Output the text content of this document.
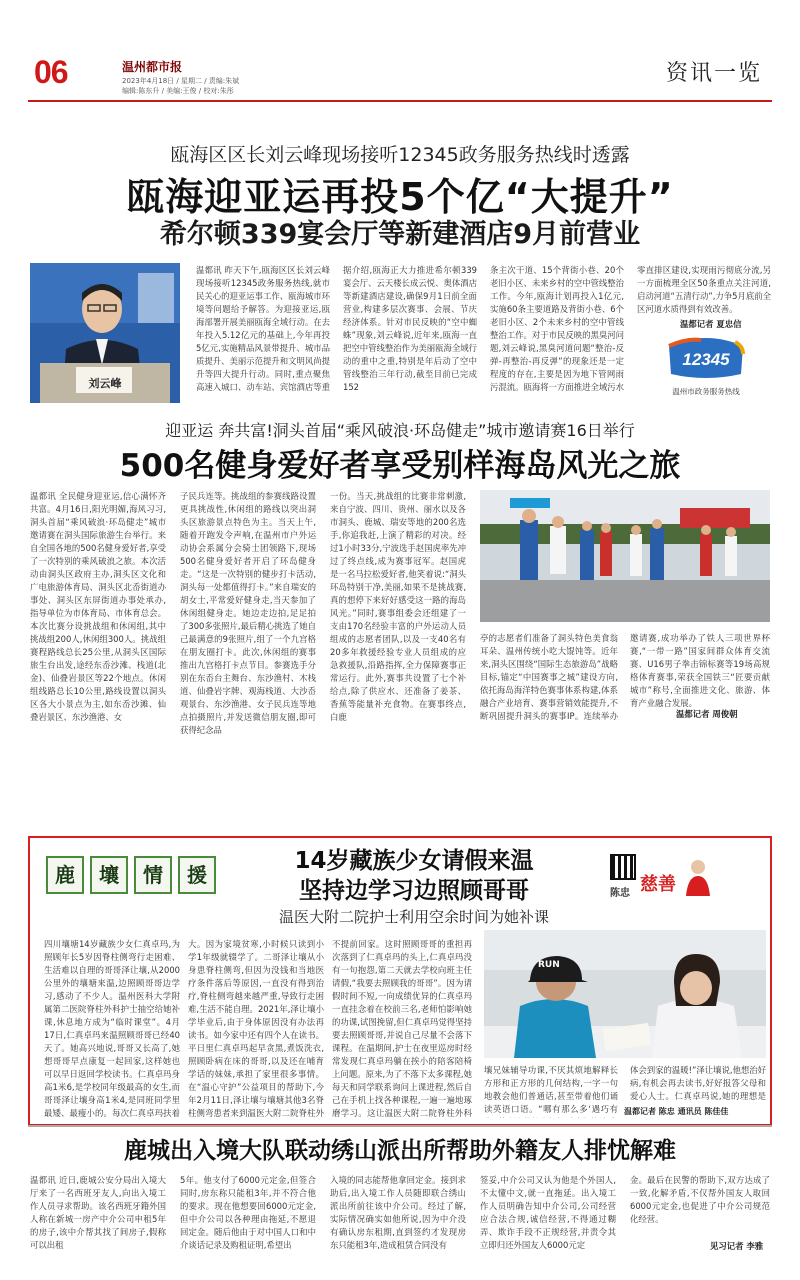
06	温州都市报
2023年4月18日 / 星期二 / 责编:朱斌
编辑:陈东升 / 美编:王俊 / 校对:朱彤
资讯一览
瓯海区区长刘云峰现场接听12345政务服务热线时透露
瓯海迎亚运再投5个亿“大提升”
希尔顿339宴会厅等新建酒店9月前营业
刘云峰
温都讯 昨天下午,瓯海区区长刘云峰现场接听12345政务服务热线,就市民关心的迎亚运事工作、瓯海城市环境等问题给予解答。为迎接亚运,瓯海部署开展美丽瓯海全域行动。在去年投入5.12亿元的基础上,今年再投5亿元,实施精品风景带提升、城市品质提升、美丽示范提升和文明风尚提升等四大提升行动。同时,重点聚焦高速入城口、动车站、宾馆酒店等重
据介绍,瓯海正大力推进希尔顿339宴会厅、云天楼长成云悦、奥体酒店等新建酒店建设,确保9月1日前全面营业,构建多层次赛事、会展、节庆经济体系。针对市民反映的“空中蜘蛛”现象,刘云峰说,近年来,瓯海一直把空中管线整治作为美丽瓯海全域行动的重中之重,特别是年后动了空中管线整治三年行动,截至目前已完成152
条主次干道、15个背街小巷、20个老旧小区、未来乡村的空中管线整治工作。今年,瓯海计划再投入1亿元,实施60条主要道路及背街小巷、6个老旧小区、2个未来乡村的空中管线整治工作。对于市民反映的黑臭河问题,刘云峰说,黑臭河道问题“整治-反弹-再整治-再反弹”的现象还是一定程度的存在,主要是因为地下管网雨污混流。瓯海将一方面推进全域污水
零直排区建设,实现雨污彻底分流,另一方面梳理全区50条重点关注河道,启动河道“五清行动”,力争5月底前全区河道水质得到有效改善。
温都记者 夏忠信
12345
温州市政务服务热线
迎亚运 奔共富!洞头首届“乘风破浪·环岛健走”城市邀请赛16日举行
500名健身爱好者享受别样海岛风光之旅
温都讯 全民健身迎亚运,信心满怀齐共富。4月16日,阳光明媚,海风习习,洞头首届“乘风破浪·环岛健走”城市邀请赛在洞头国际旅游生台举行。来自全国各地的500名健身爱好者,享受了一次特别的乘风破浪之旅。本次活动由洞头区政府主办,洞头区文化和广电旅游体育局、洞头区北岙街道办事处、洞头区东屏街道办事处承办,指导单位为市体育局、市体育总会。本次比赛分设挑战组和休闲组,其中挑战组200人,休闲组300人。挑战组赛程路线总长25公里,从洞头区国际旅生台出发,途经东岙沙滩、栈道(北金)、仙叠岩景区等22个地点。休闲组线路总长10公里,路线设置以洞头区各大小景点为主,如东岙沙滩、仙叠岩景区、东沙渔港、女
子民兵连等。挑战组的参赛线路设置更具挑战性,休闲组的路线以突出洞头区旅游景点特色为主。当天上午,随着开跑发令声响,在温州市户外运动协会系属分会骑士团领路下,现场500名健身爱好者开启了环岛健身走。“这是一次特别的健步打卡活动,洞头每一处都值得打卡。”来自瑞安的胡女士,平常爱好健身走,当天参加了休闲组健身走。她边走边拍,足足拍了300多张照片,最后精心挑选了她自己最满意的9张照片,组了一个九宫格在朋友圈打卡。此次,休闲组的赛事推出九宫格打卡点节目。参赛选手分别在东岙台主舞台、东沙渔村、木栈道、仙叠岩字牌、观海栈道、大沙岙观景台、东沙渔港、女子民兵连等地点拍摄照片,并发送微信朋友圈,即可获得纪念品
一份。当天,挑战组的比赛非常刺激,来自宁波、四川、贵州、丽水以及各市洞头、鹿城、瑞安等地的200名选手,你追我赶,上演了精彩的对决。经过1小时33分,宁波选手赵国虎率先冲过了终点线,成为赛事冠军。赵国虎是一名马拉松爱好者,他笑着说:“洞头环岛特别干净,美丽,如果不是挑战赛,真的想停下来好好感受这一路的海岛风光。”同时,赛事组委会还组建了一支由170名经验丰富的户外运动人员组成的志愿者团队,以及一支40名有20多年救援经验专业人员组成的应急救援队,沿路指挥,全力保障赛事正常运行。此外,赛事共设置了七个补给点,除了供应水、还准备了姜茶、香蕉等能量补充食物。在赛事终点,白鹿
亭的志愿者们准备了洞头特色美食翁耳朵、温州传统小吃大馄饨等。近年来,洞头区围绕“国际生态旅游岛”战略目标,锚定“中国赛事之城”建设方向,依托海岛海洋特色赛事体系构建,体系融合产业培育、赛事营销效能提升,不断巩固提升洞头的赛事IP。连续举办
邀请赛,成功举办了铁人三项世界杯赛,“一带一路”国家间群众体育交流赛、U16男子拳击锦标赛等19场高规格体育赛事,荣获全国铁三“匠要贡献城市”称号,全面推进文化、旅游、体育产业融合发展。
温都记者 周俊朝
鹿	壤	情	援
14岁藏族少女请假来温
坚持边学习边照顾哥哥
温医大附二院护士利用空余时间为她补课
陈忠 慈善
四川壤塘14岁藏族少女仁真卓玛,为照顾年长5岁因脊柱侧弯行走困难、生活难以自理的哥哥泽让壤,从2000公里外的壤塘来温,边照顾哥哥边学习,感动了不少人。温州医科大学附属第二医院脊柱外科护士抽空给她补课,休息地方成为“临时课堂”。4月17日,仁真卓玛来温照顾哥哥已经40天了。她高兴地说,哥哥又长高了,她想哥哥早点康复一起回家,这样她也可以早日返回学校读书。仁真卓玛身高1米6,是学校同年级最高的女生,而哥哥泽让壤身高1米4,是同班同学里最矮、最瘦小的。每次仁真卓玛扶着
大。因为家境贫寒,小时候只读到小学1年级就辍学了。二哥泽让壤从小身患脊柱侧弯,但因为没钱和当地医疗条件落后等原因,一直没有得到治疗,脊柱侧弯越来越严重,导致行走困难,生活不能自理。2021年,泽让壤小学毕业后,由于身体原因没有办法再读书。如今家中还有四个人在读书。平日里仁真卓玛起早贪黑,煮饭洗衣,照顾卧病在床的哥哥,以及还在哺育学话的妹妹,承担了家里很多事情。在“温心守护”公益项目的帮助下,今年2月11日,泽让壤与壤塘其他3名脊柱侧弯患者来到温医大附二院脊柱外
不提前回家。这时照顾哥哥的重担再次落到了仁真卓玛的头上,仁真卓玛没有一句抱怨,第二天就去学校向班主任请假,“我要去照顾我的哥哥”。因为请假时间不短,一向成绩优异的仁真卓玛一直挂念着在校前三名,老师怕影响她的功课,试图挽留,但仁真卓玛觉得坚持要去照顾哥哥,并说自己尽量不会落下课程。在温期间,护士在夜里巡房时经常发现仁真卓玛躺在挨小的陪客陪椅上问题。原来,为了不落下太多课程,她每天和同学联系询问上课进程,然后自己在手机上找各种课程,一遍一遍地琢磨学习。这让温医大附二院脊柱外科
RUN
壤兄妹辅导功课,不厌其烦地解释长方形和正方形的几何结构,一字一句地教会他们普通话,甚至带着他们诵读英语口语。“哪有那么多‘遇巧有
体会到家的温暖!”泽让壤说,他想治好病,有机会再去读书,好好报答父母和爱心人士。仁真卓玛说,她的理想是
温都记者 陈忠 通讯员 陈佳佳
鹿城出入境大队联动绣山派出所帮助外籍友人排忧解难
温都讯 近日,鹿城公安分局出入境大厅来了一名西班牙友人,向出入境工作人员寻求帮助。该名西班牙籍外国人称在新城一房产中介公司申租5年的房子,该中介帮其找了间房子,假称可以出租
5年。他支付了6000元定金,但签合同时,房东称只能租3年,并不符合他的要求。现在他想要回6000元定金,但中介公司以各种理由拖延,不愿退回定金。随后他由于对中国人口和中介谈话记录及购租证明,希望出
入境的同志能帮他拿回定金。接到求助后,出入境工作人员随即联合绣山派出所前往该中介公司。经过了解,实际情况确实如他所说,因为中介没有确认房东租期,直到签约才发现房东只能租3年,造成租赁合同没有
签妥,中介公司又认为他是个外国人,不太懂中文,就一直拖延。出入境工作人员明确告知中介公司,公司经营应合法合规,诚信经营,不得通过糊弄、欺诈手段不正规经营,并责令其立即归还外国友人6000元定
金。最后在民警的帮助下,双方达成了一致,化解矛盾,不仅帮外国友人取回6000元定金,也促进了中介公司规范化经营。
见习记者 李雅
